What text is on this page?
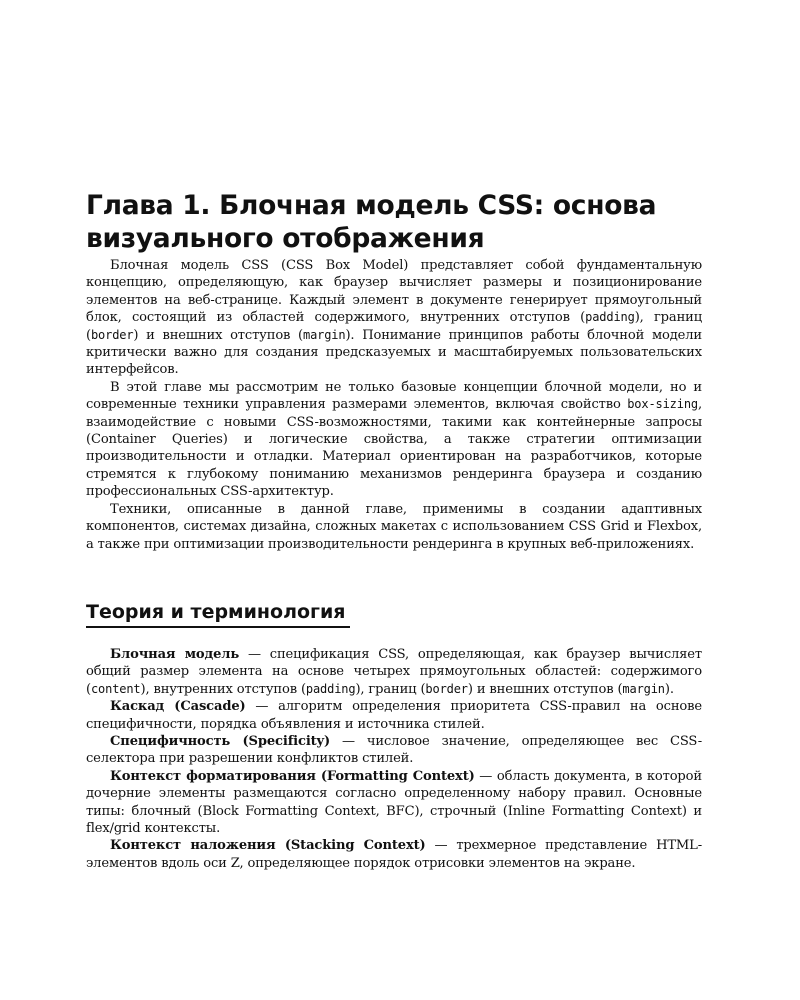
Глава 1. Блочная модель CSS: основа визуального отображения

Блочная модель CSS (CSS Box Model) представляет собой фундаментальную концепцию, определяющую, как браузер вычисляет размеры и позиционирование элементов на веб-странице. Каждый элемент в документе генерирует прямоугольный блок, состоящий из областей содержимого, внутренних отступов (padding), границ (border) и внешних отступов (margin). Понимание принципов работы блочной модели критически важно для создания предсказуемых и масштабируемых пользовательских интерфейсов.

В этой главе мы рассмотрим не только базовые концепции блочной модели, но и современные техники управления размерами элементов, включая свойство box-sizing, взаимодействие с новыми CSS-возможностями, такими как контейнерные запросы (Container Queries) и логические свойства, а также стратегии оптимизации производительности и отладки. Материал ориентирован на разработчиков, которые стремятся к глубокому пониманию механизмов рендеринга браузера и созданию профессиональных CSS-архитектур.

Техники, описанные в данной главе, применимы в создании адаптивных компонентов, системах дизайна, сложных макетах с использованием CSS Grid и Flexbox, а также при оптимизации производительности рендеринга в крупных веб-приложениях.

Теория и терминология

Блочная модель — спецификация CSS, определяющая, как браузер вычисляет общий размер элемента на основе четырех прямоугольных областей: содержимого (content), внутренних отступов (padding), границ (border) и внешних отступов (margin).

Каскад (Cascade) — алгоритм определения приоритета CSS-правил на основе специфичности, порядка объявления и источника стилей.

Специфичность (Specificity) — числовое значение, определяющее вес CSS-селектора при разрешении конфликтов стилей.

Контекст форматирования (Formatting Context) — область документа, в которой дочерние элементы размещаются согласно определенному набору правил. Основные типы: блочный (Block Formatting Context, BFC), строчный (Inline Formatting Context) и flex/grid контексты.

Контекст наложения (Stacking Context) — трехмерное представление HTML-элементов вдоль оси Z, определяющее порядок отрисовки элементов на экране.
